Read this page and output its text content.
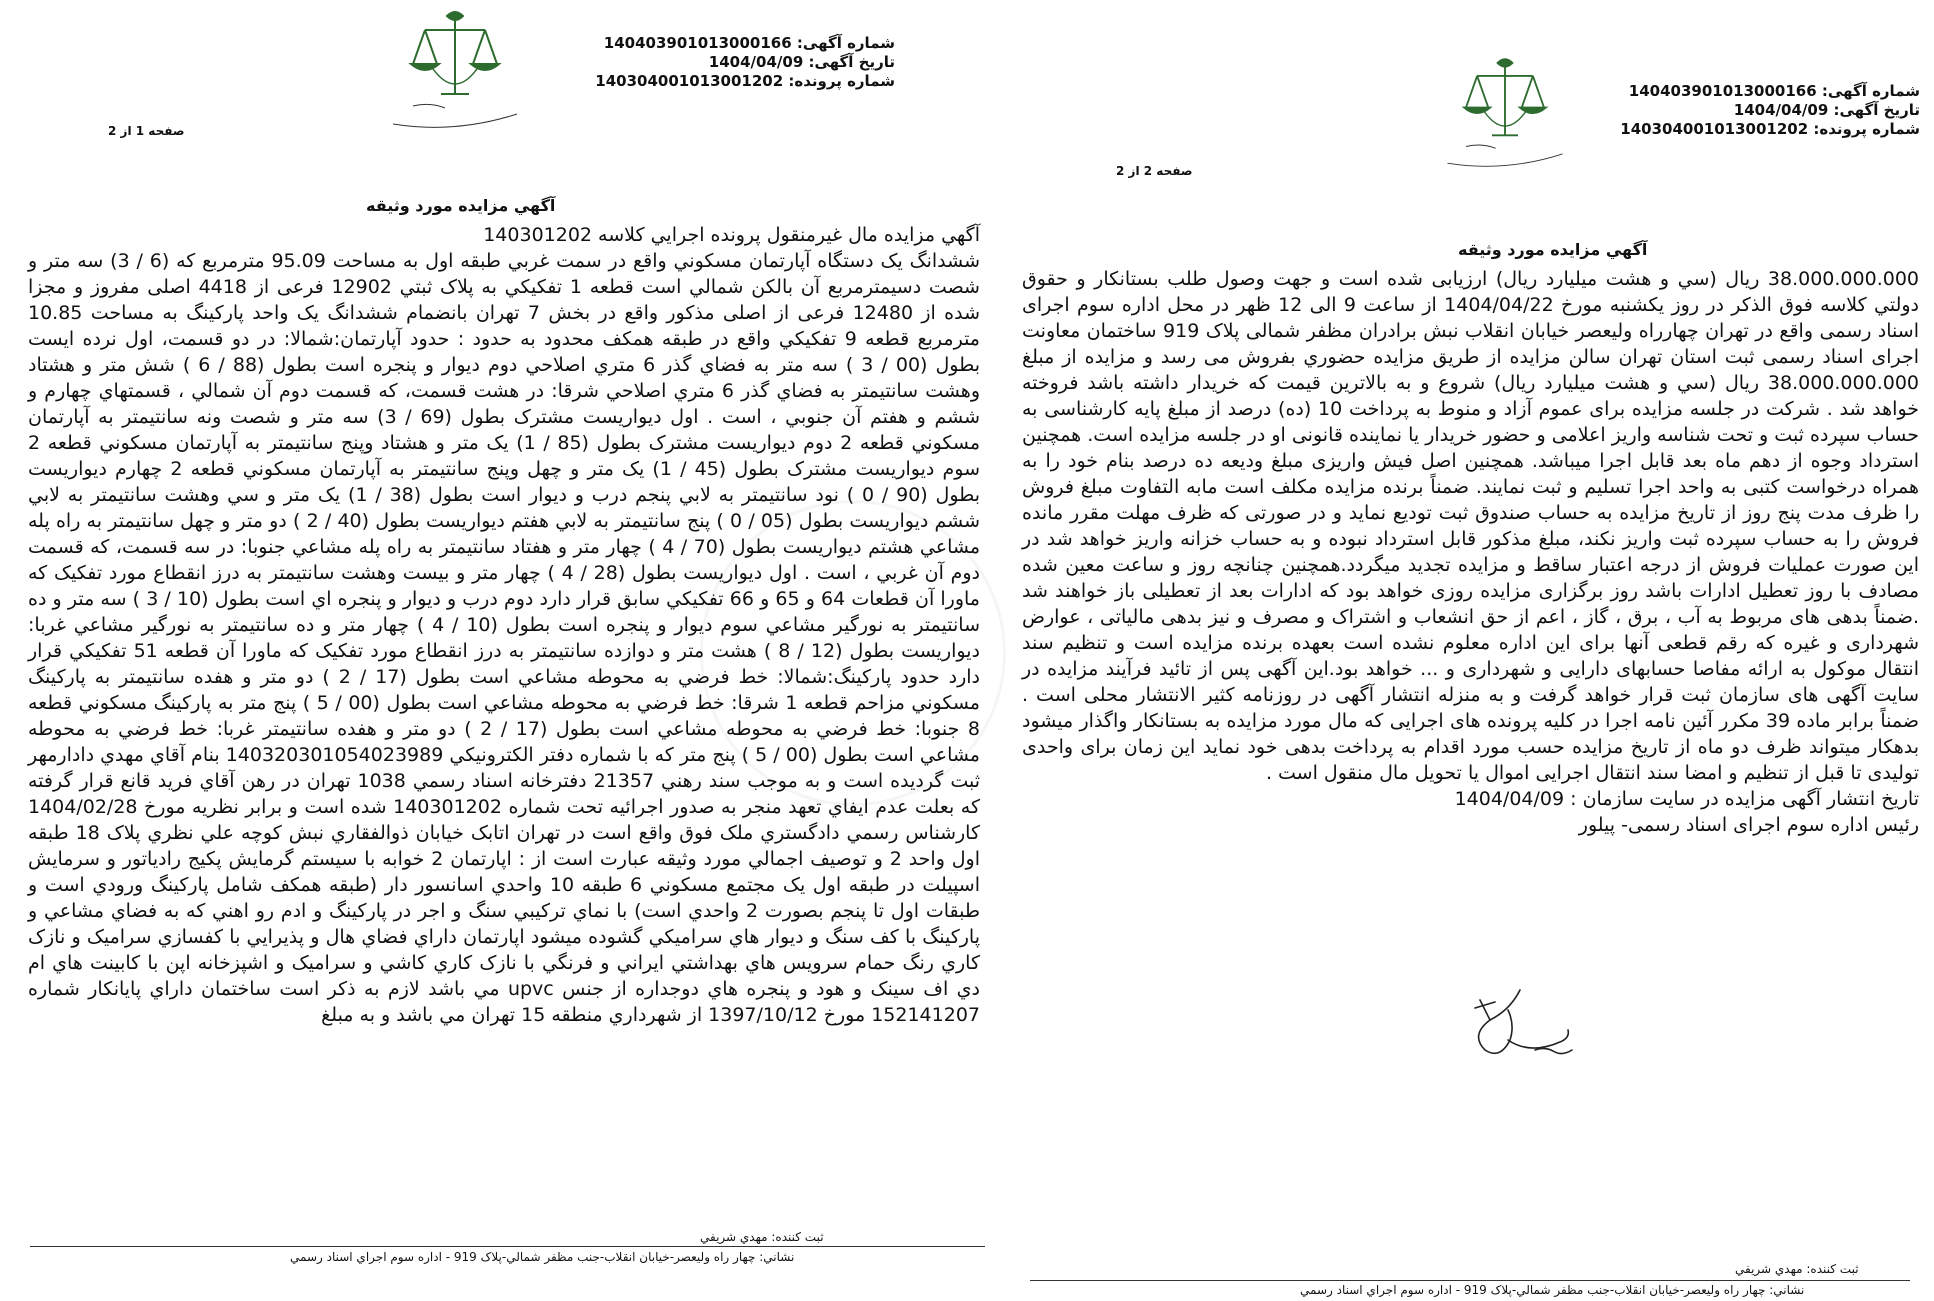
شماره آگهی: 140403901013000166
تاریخ آگهی: 1404/04/09
شماره پرونده: 140304001013001202
صفحه 1 از 2
آگهي مزايده مورد وثيقه

آگهي مزايده مال غيرمنقول پرونده اجرايي كلاسه 140301202

ششدانگ يک دستگاه آپارتمان مسكوني واقع در سمت غربي طبقه اول به مساحت 95.09 مترمربع كه (6 / 3) سه متر و شصت دسيمترمربع آن بالكن شمالي است قطعه 1 تفكيكي به پلاک ثبتي 12902 فرعی از 4418 اصلی مفروز و مجزا شده از 12480 فرعی از اصلی مذکور واقع در بخش 7 تهران بانضمام ششدانگ يک واحد پاركينگ به مساحت 10.85 مترمربع قطعه 9 تفكيكي واقع در طبقه همكف محدود به حدود : حدود آپارتمان:شمالا: در دو قسمت، اول نرده ايست بطول (00 / 3 ) سه متر به فضاي گذر 6 متري اصلاحي دوم ديوار و پنجره است بطول (88 / 6 ) شش متر و هشتاد وهشت سانتيمتر به فضاي گذر 6 متري اصلاحي شرقا: در هشت قسمت، كه قسمت دوم آن شمالي ، قسمتهاي چهارم و ششم و هفتم آن جنوبي ، است . اول ديواريست مشترک بطول (69 / 3) سه متر و شصت ونه سانتيمتر به آپارتمان مسكوني قطعه 2 دوم ديواريست مشترک بطول (85 / 1) يک متر و هشتاد وپنج سانتيمتر به آپارتمان مسكوني قطعه 2 سوم ديواريست مشترک بطول (45 / 1) يک متر و چهل وپنج سانتيمتر به آپارتمان مسكوني قطعه 2 چهارم ديواريست بطول (90 / 0 ) نود سانتيمتر به لابي پنجم درب و ديوار است بطول (38 / 1) يک متر و سي وهشت سانتيمتر به لابي ششم ديواريست بطول (05 / 0 ) پنج سانتيمتر به لابي هفتم ديواريست بطول (40 / 2 ) دو متر و چهل سانتيمتر به راه پله مشاعي هشتم ديواريست بطول (70 / 4 ) چهار متر و هفتاد سانتيمتر به راه پله مشاعي جنوبا: در سه قسمت، كه قسمت دوم آن غربي ، است . اول ديواريست بطول (28 / 4 ) چهار متر و بيست وهشت سانتيمتر به درز انقطاع مورد تفكيک كه ماورا آن قطعات 64 و 65 و 66 تفكيكي سابق قرار دارد دوم درب و ديوار و پنجره اي است بطول (10 / 3 ) سه متر و ده سانتيمتر به نورگير مشاعي سوم ديوار و پنجره است بطول (10 / 4 ) چهار متر و ده سانتيمتر به نورگير مشاعي غربا: ديواريست بطول (12 / 8 ) هشت متر و دوازده سانتيمتر به درز انقطاع مورد تفكيک كه ماورا آن قطعه 51 تفكيكي قرار دارد حدود پاركينگ:شمالا: خط فرضي به محوطه مشاعي است بطول (17 / 2 ) دو متر و هفده سانتيمتر به پاركينگ مسكوني مزاحم قطعه 1 شرقا: خط فرضي به محوطه مشاعي است بطول (00 / 5 ) پنج متر به پاركينگ مسكوني قطعه 8 جنوبا: خط فرضي به محوطه مشاعي است بطول (17 / 2 ) دو متر و هفده سانتيمتر غربا: خط فرضي به محوطه مشاعي است بطول (00 / 5 ) پنج متر كه با شماره دفتر الكترونيكي 140320301054023989 بنام آقاي مهدي دادارمهر ثبت گرديده است و به موجب سند رهني 21357 دفترخانه اسناد رسمي 1038 تهران در رهن آقاي فريد قانع قرار گرفته كه بعلت عدم ايفاي تعهد منجر به صدور اجرائيه تحت شماره 140301202 شده است و برابر نظريه مورخ 1404/02/28 كارشناس رسمي دادگستري ملک فوق واقع است در تهران اتابک خيابان ذوالفقاري نبش كوچه علي نظري پلاک 18 طبقه اول واحد 2 و توصيف اجمالي مورد وثيقه عبارت است از : اپارتمان 2 خوابه با سيستم گرمايش پكيج رادياتور و سرمايش اسپيلت در طبقه اول يک مجتمع مسكوني 6 طبقه 10 واحدي اسانسور دار (طبقه همكف شامل پاركينگ ورودي است و طبقات اول تا پنجم بصورت 2 واحدي است) با نماي تركيبي سنگ و اجر در پاركينگ و ادم رو اهني كه به فضاي مشاعي و پاركينگ با كف سنگ و ديوار هاي سراميكي گشوده ميشود اپارتمان داراي فضاي هال و پذيرايي با كفسازي سراميک و نازک كاري رنگ حمام سرويس هاي بهداشتي ايراني و فرنگي با نازک كاري كاشي و سراميک و اشپزخانه اپن با كابينت هاي ام دي اف سينک و هود و پنجره هاي دوجداره از جنس upvc مي باشد لازم به ذكر است ساختمان داراي پايانكار شماره 152141207 مورخ 1397/10/12 از شهرداري منطقه 15 تهران مي باشد و به مبلغ

ثبت كننده: مهدي شريفي
نشاني: چهار راه وليعصر-خيابان انقلاب-جنب مظفر شمالي-پلاک 919 - اداره سوم اجراي اسناد رسمي
شماره آگهی: 140403901013000166
تاریخ آگهی: 1404/04/09
شماره پرونده: 140304001013001202
صفحه 2 از 2
آگهي مزايده مورد وثيقه

38.000.000.000 ريال (سي و هشت ميليارد ريال) ارزيابی شده است و جهت وصول طلب بستانکار و حقوق دولتي كلاسه فوق الذكر در روز يكشنبه مورخ 1404/04/22 از ساعت 9 الی 12 ظهر در محل اداره سوم اجرای اسناد رسمی واقع در تهران چهارراه وليعصر خيابان انقلاب نبش برادران مظفر شمالی پلاک 919 ساختمان معاونت اجرای اسناد رسمی ثبت استان تهران سالن مزايده از طريق مزايده حضوري بفروش می رسد و مزايده از مبلغ 38.000.000.000 ريال (سي و هشت ميليارد ريال) شروع و به بالاترين قيمت كه خريدار داشته باشد فروخته خواهد شد . شركت در جلسه مزايده برای عموم آزاد و منوط به پرداخت 10 (ده) درصد از مبلغ پايه كارشناسی به حساب سپرده ثبت و تحت شناسه واريز اعلامی و حضور خريدار يا نماينده قانونی او در جلسه مزايده است. همچنين استرداد وجوه از دهم ماه بعد قابل اجرا ميباشد. همچنين اصل فيش واريزی مبلغ وديعه ده درصد بنام خود را به همراه درخواست كتبی به واحد اجرا تسليم و ثبت نمايند. ضمناً برنده مزايده مكلف است مابه التفاوت مبلغ فروش را ظرف مدت پنج روز از تاريخ مزايده به حساب صندوق ثبت توديع نمايد و در صورتی كه ظرف مهلت مقرر مانده فروش را به حساب سپرده ثبت واريز نكند، مبلغ مذكور قابل استرداد نبوده و به حساب خزانه واريز خواهد شد در اين صورت عمليات فروش از درجه اعتبار ساقط و مزايده تجديد ميگردد.همچنين چنانچه روز و ساعت معين شده مصادف با روز تعطيل ادارات باشد روز برگزاری مزايده روزی خواهد بود كه ادارات بعد از تعطيلی باز خواهند شد .ضمناً بدهی های مربوط به آب ، برق ، گاز ، اعم از حق انشعاب و اشتراک و مصرف و نيز بدهی مالياتی ، عوارض شهرداری و غيره كه رقم قطعی آنها برای اين اداره معلوم نشده است بعهده برنده مزايده است و تنظيم سند انتقال موكول به ارائه مفاصا حسابهای دارايی و شهرداری و ... خواهد بود.اين آگهی پس از تائيد فرآيند مزايده در سايت آگهی های سازمان ثبت قرار خواهد گرفت و به منزله انتشار آگهی در روزنامه كثير الانتشار محلی است . ضمناً برابر ماده 39 مكرر آئين نامه اجرا در كليه پرونده های اجرايی كه مال مورد مزايده به بستانكار واگذار ميشود بدهكار ميتواند ظرف دو ماه از تاريخ مزايده حسب مورد اقدام به پرداخت بدهی خود نمايد اين زمان برای واحدی توليدی تا قبل از تنظيم و امضا سند انتقال اجرايی اموال يا تحويل مال منقول است .

تاريخ انتشار آگهی مزايده در سايت سازمان : 1404/04/09

رئيس اداره سوم اجرای اسناد رسمی- پيلور

ثبت كننده: مهدي شريفي
نشاني: چهار راه وليعصر-خيابان انقلاب-جنب مظفر شمالي-پلاک 919 - اداره سوم اجراي اسناد رسمي
